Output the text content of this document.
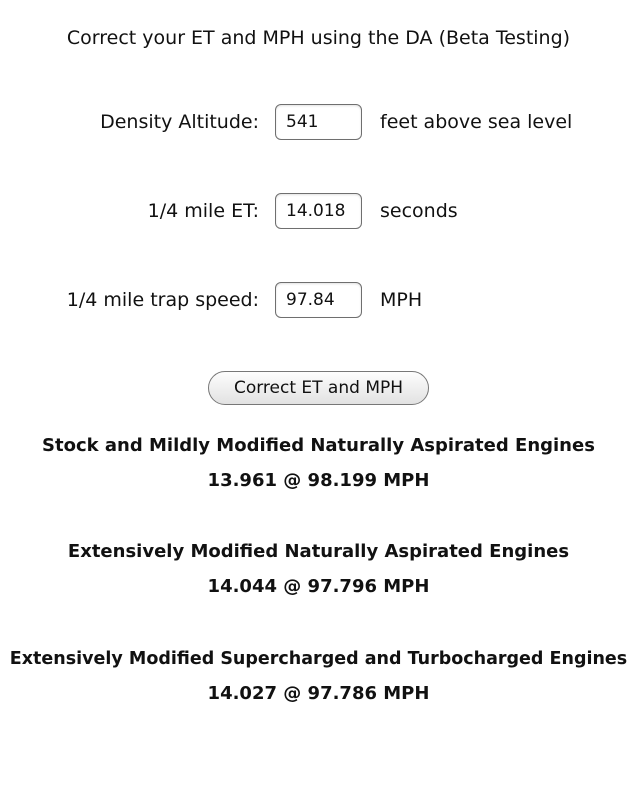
Correct your ET and MPH using the DA (Beta Testing)
Density Altitude:
541	feet above sea level
1/4 mile ET:
14.018	seconds
1/4 mile trap speed:
97.84	MPH
Correct ET and MPH
Stock and Mildly Modified Naturally Aspirated Engines
13.961 @ 98.199 MPH
Extensively Modified Naturally Aspirated Engines
14.044 @ 97.796 MPH
Extensively Modified Supercharged and Turbocharged Engines
14.027 @ 97.786 MPH
